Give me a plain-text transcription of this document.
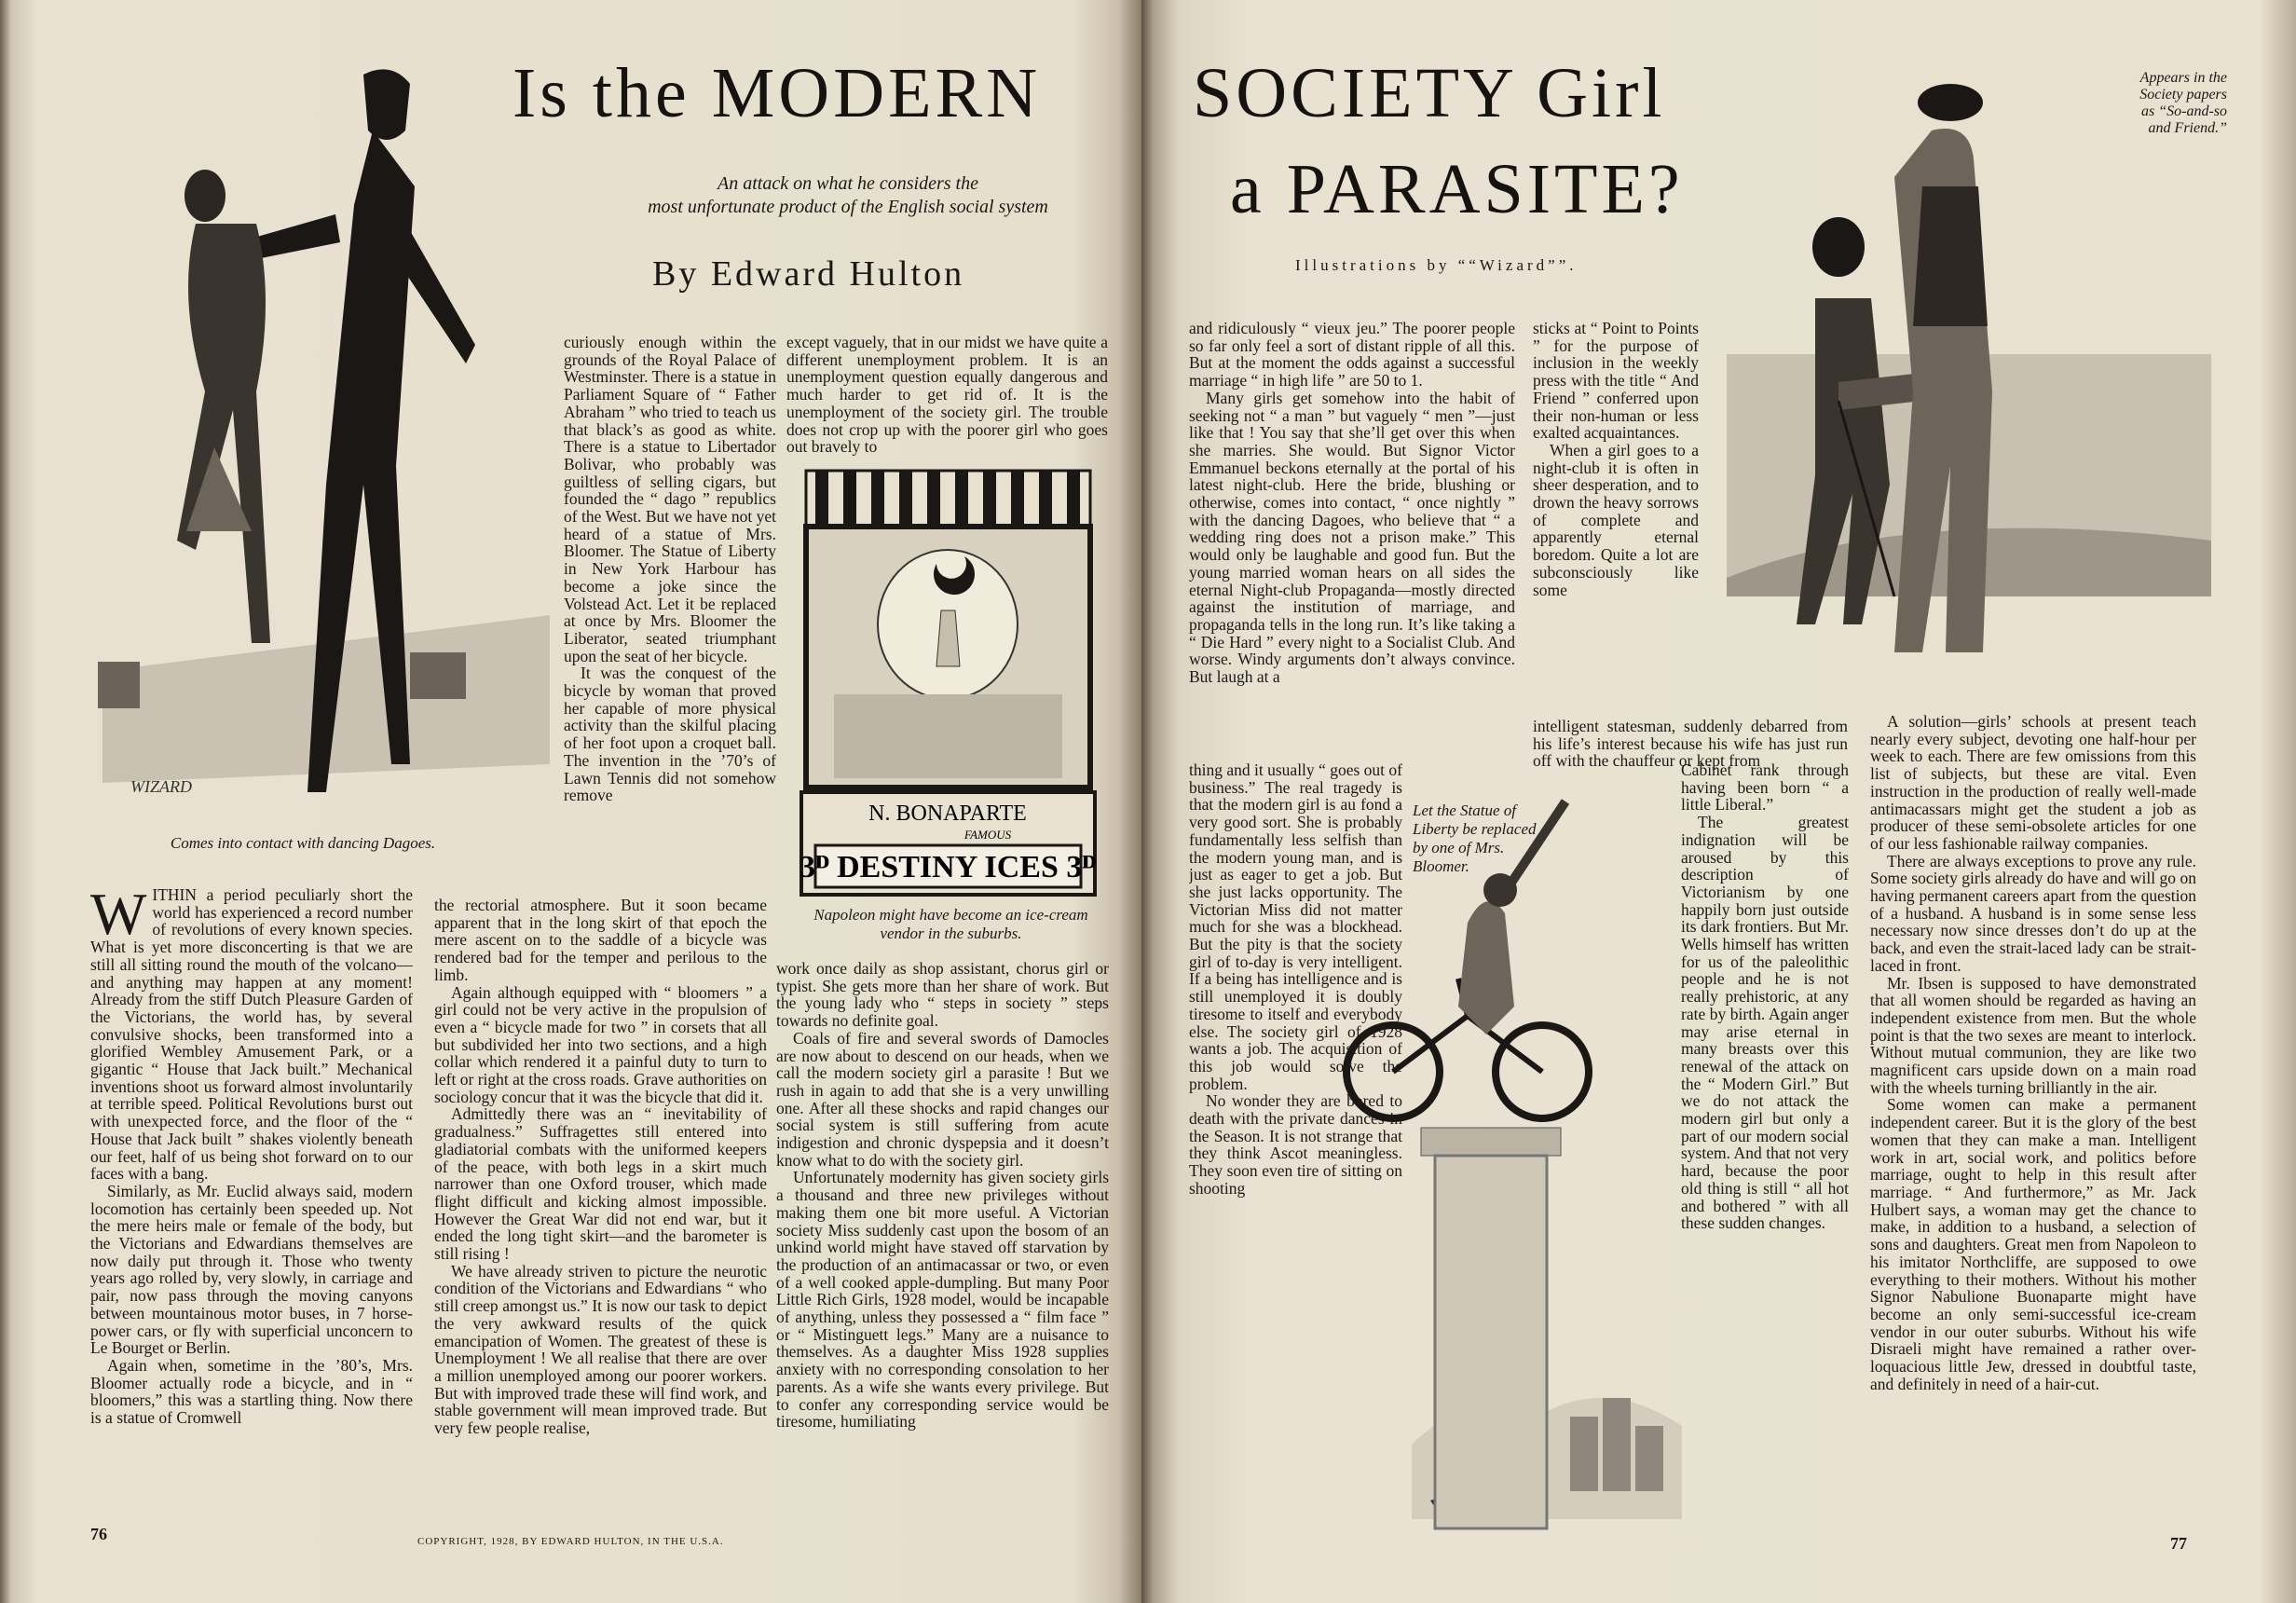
Is the MODERN
An attack on what he considers the
most unfortunate product of the English social system
By Edward Hulton
WIZARD
Comes into contact with dancing Dagoes.

curiously enough within the grounds of the Royal Palace of Westminster. There is a statue in Parliament Square of “ Father Abraham ” who tried to teach us that black’s as good as white. There is a statue to Libertador Bolivar, who probably was guiltless of selling cigars, but founded the “ dago ” republics of the West. But we have not yet heard of a statue of Mrs. Bloomer. The Statue of Liberty in New York Harbour has become a joke since the Volstead Act. Let it be replaced at once by Mrs. Bloomer the Liberator, seated triumphant upon the seat of her bicycle.

It was the conquest of the bicycle by woman that proved her capable of more physical activity than the skilful placing of her foot upon a croquet ball. The invention in the ’70’s of Lawn Tennis did not somehow remove

except vaguely, that in our midst we have quite a different unemployment problem. It is an unemployment question equally dangerous and much harder to get rid of. It is the unemployment of the society girl. The trouble does not crop up with the poorer girl who goes out bravely to

N. BONAPARTE
FAMOUS
3ᴰ DESTINY ICES 3ᴰ
Napoleon might have become an ice-cream vendor in the suburbs.

WITHIN a period peculiarly short the world has experienced a record number of revolutions of every known species. What is yet more disconcerting is that we are still all sitting round the mouth of the volcano—and anything may happen at any moment! Already from the stiff Dutch Pleasure Garden of the Victorians, the world has, by several convulsive shocks, been transformed into a glorified Wembley Amusement Park, or a gigantic “ House that Jack built.” Mechanical inventions shoot us forward almost involuntarily at terrible speed. Political Revolutions burst out with unexpected force, and the floor of the “ House that Jack built ” shakes violently beneath our feet, half of us being shot forward on to our faces with a bang.

Similarly, as Mr. Euclid always said, modern locomotion has certainly been speeded up. Not the mere heirs male or female of the body, but the Victorians and Edwardians themselves are now daily put through it. Those who twenty years ago rolled by, very slowly, in carriage and pair, now pass through the moving canyons between mountainous motor buses, in 7 horse-power cars, or fly with superficial unconcern to Le Bourget or Berlin.

Again when, sometime in the ’80’s, Mrs. Bloomer actually rode a bicycle, and in “ bloomers,” this was a startling thing. Now there is a statue of Cromwell

the rectorial atmosphere. But it soon became apparent that in the long skirt of that epoch the mere ascent on to the saddle of a bicycle was rendered bad for the temper and perilous to the limb.

Again although equipped with “ bloomers ” a girl could not be very active in the propulsion of even a “ bicycle made for two ” in corsets that all but subdivided her into two sections, and a high collar which rendered it a painful duty to turn to left or right at the cross roads. Grave authorities on sociology concur that it was the bicycle that did it.

Admittedly there was an “ inevitability of gradualness.” Suffragettes still entered into gladiatorial combats with the uniformed keepers of the peace, with both legs in a skirt much narrower than one Oxford trouser, which made flight difficult and kicking almost impossible. However the Great War did not end war, but it ended the long tight skirt—and the barometer is still rising !

We have already striven to picture the neurotic condition of the Victorians and Edwardians “ who still creep amongst us.” It is now our task to depict the very awkward results of the quick emancipation of Women. The greatest of these is Unemployment ! We all realise that there are over a million unemployed among our poorer workers. But with improved trade these will find work, and stable government will mean improved trade. But very few people realise,

work once daily as shop assistant, chorus girl or typist. She gets more than her share of work. But the young lady who “ steps in society ” steps towards no definite goal.

Coals of fire and several swords of Damocles are now about to descend on our heads, when we call the modern society girl a parasite ! But we rush in again to add that she is a very unwilling one. After all these shocks and rapid changes our social system is still suffering from acute indigestion and chronic dyspepsia and it doesn’t know what to do with the society girl.

Unfortunately modernity has given society girls a thousand and three new privileges without making them one bit more useful. A Victorian society Miss suddenly cast upon the bosom of an unkind world might have staved off starvation by the production of an antimacassar or two, or even of a well cooked apple-dumpling. But many Poor Little Rich Girls, 1928 model, would be incapable of anything, unless they possessed a “ film face ” or “ Mistinguett legs.” Many are a nuisance to themselves. As a daughter Miss 1928 supplies anxiety with no corresponding consolation to her parents. As a wife she wants every privilege. But to confer any corresponding service would be tiresome, humiliating

76	COPYRIGHT, 1928, BY EDWARD HULTON, IN THE U.S.A.
SOCIETY Girl
a PARASITE?
Illustrations by ““Wizard””.
Appears in the
Society papers
as “So-and-so
and Friend.”

and ridiculously “ vieux jeu.” The poorer people so far only feel a sort of distant ripple of all this. But at the moment the odds against a successful marriage “ in high life ” are 50 to 1.

Many girls get somehow into the habit of seeking not “ a man ” but vaguely “ men ”—just like that ! You say that she’ll get over this when she marries. She would. But Signor Victor Emmanuel beckons eternally at the portal of his latest night-club. Here the bride, blushing or otherwise, comes into contact, “ once nightly ” with the dancing Dagoes, who believe that “ a wedding ring does not a prison make.” This would only be laughable and good fun. But the young married woman hears on all sides the eternal Night-club Propaganda—mostly directed against the institution of marriage, and propaganda tells in the long run. It’s like taking a “ Die Hard ” every night to a Socialist Club. And worse. Windy arguments don’t always convince. But laugh at a

thing and it usually “ goes out of business.” The real tragedy is that the modern girl is au fond a very good sort. She is probably fundamentally less selfish than the modern young man, and is just as eager to get a job. But she just lacks opportunity. The Victorian Miss did not matter much for she was a blockhead. But the pity is that the society girl of to-day is very intelligent. If a being has intelligence and is still unemployed it is doubly tiresome to itself and everybody else. The society girl of 1928 wants a job. The acquisition of this job would solve the problem.

No wonder they are bored to death with the private dances in the Season. It is not strange that they think Ascot meaningless. They soon even tire of sitting on shooting

sticks at “ Point to Points ” for the purpose of inclusion in the weekly press with the title “ And Friend ” conferred upon their non-human or less exalted acquaintances.

When a girl goes to a night-club it is often in sheer desperation, and to drown the heavy sorrows of complete and apparently eternal boredom. Quite a lot are subconsciously like some

intelligent statesman, suddenly debarred from his life’s interest because his wife has just run off with the chauffeur or kept from

Cabinet rank through having been born “ a little Liberal.”

The greatest indignation will be aroused by this description of Victorianism by one happily born just outside its dark frontiers. But Mr. Wells himself has written for us of the paleolithic people and he is not really prehistoric, at any rate by birth. Again anger may arise eternal in many breasts over this renewal of the attack on the “ Modern Girl.” But we do not attack the modern girl but only a part of our modern social system. And that not very hard, because the poor old thing is still “ all hot and bothered ” with all these sudden changes.

A solution—girls’ schools at present teach nearly every subject, devoting one half-hour per week to each. There are few omissions from this list of subjects, but these are vital. Even instruction in the production of really well-made antimacassars might get the student a job as producer of these semi-obsolete articles for one of our less fashionable railway companies.

There are always exceptions to prove any rule. Some society girls already do have and will go on having permanent careers apart from the question of a husband. A husband is in some sense less necessary now since dresses don’t do up at the back, and even the strait-laced lady can be strait-laced in front.

Mr. Ibsen is supposed to have demonstrated that all women should be regarded as having an independent existence from men. But the whole point is that the two sexes are meant to interlock. Without mutual communion, they are like two magnificent cars upside down on a main road with the wheels turning brilliantly in the air.

Some women can make a permanent independent career. But it is the glory of the best women that they can make a man. Intelligent work in art, social work, and politics before marriage, ought to help in this result after marriage. “ And furthermore,” as Mr. Jack Hulbert says, a woman may get the chance to make, in addition to a husband, a selection of sons and daughters. Great men from Napoleon to his imitator Northcliffe, are supposed to owe everything to their mothers. Without his mother Signor Nabulione Buonaparte might have become an only semi-successful ice-cream vendor in our outer suburbs. Without his wife Disraeli might have remained a rather over-loquacious little Jew, dressed in doubtful taste, and definitely in need of a hair-cut.

Let the Statue of Liberty be replaced by one of Mrs. Bloomer.
77
